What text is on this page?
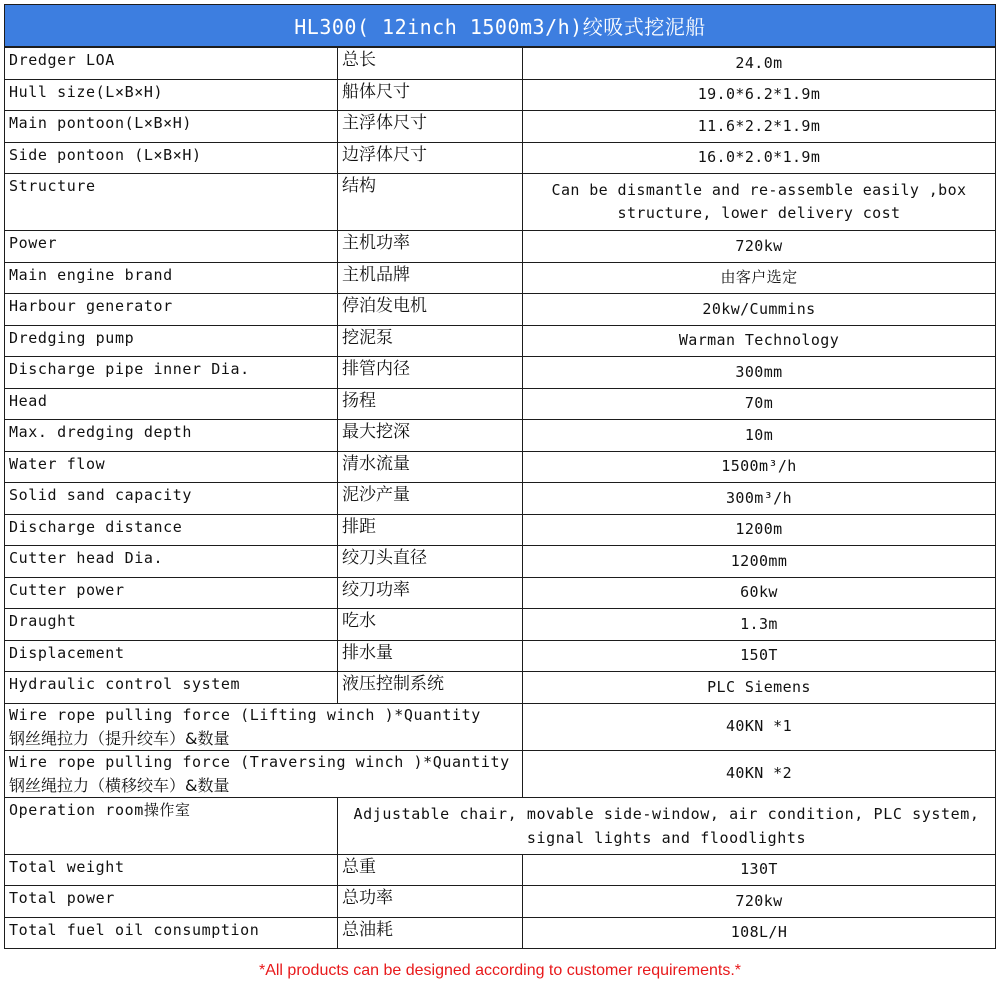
HL300( 12inch 1500m3/h)绞吸式挖泥船
Dredger LOA	总长	24.0m
Hull size(L×B×H)	船体尺寸	19.0*6.2*1.9m
Main pontoon(L×B×H)	主浮体尺寸	11.6*2.2*1.9m
Side pontoon (L×B×H)	边浮体尺寸	16.0*2.0*1.9m
Structure	结构	Can be dismantle and re-assemble easily ,box structure, lower delivery cost
Power	主机功率	720kw
Main engine brand	主机品牌	由客户选定
Harbour generator	停泊发电机	20kw/Cummins
Dredging pump	挖泥泵	Warman Technology
Discharge pipe inner Dia.	排管内径	300mm
Head	扬程	70m
Max. dredging depth	最大挖深	10m
Water flow	清水流量	1500m³/h
Solid sand capacity	泥沙产量	300m³/h
Discharge distance	排距	1200m
Cutter head Dia.	绞刀头直径	1200mm
Cutter power	绞刀功率	60kw
Draught	吃水	1.3m
Displacement	排水量	150T
Hydraulic control system	液压控制系统	PLC Siemens

Wire rope pulling force (Lifting winch )*Quantity
钢丝绳拉力（提升绞车）&数量		40KN *1

Wire rope pulling force (Traversing winch )*Quantity
钢丝绳拉力（横移绞车）&数量		40KN *2
Operation room操作室	Adjustable chair, movable side-window, air condition, PLC system, signal lights and floodlights	
Total weight	总重	130T
Total power	总功率	720kw
Total fuel oil consumption	总油耗	108L/H
*All products can be designed according to customer requirements.*
